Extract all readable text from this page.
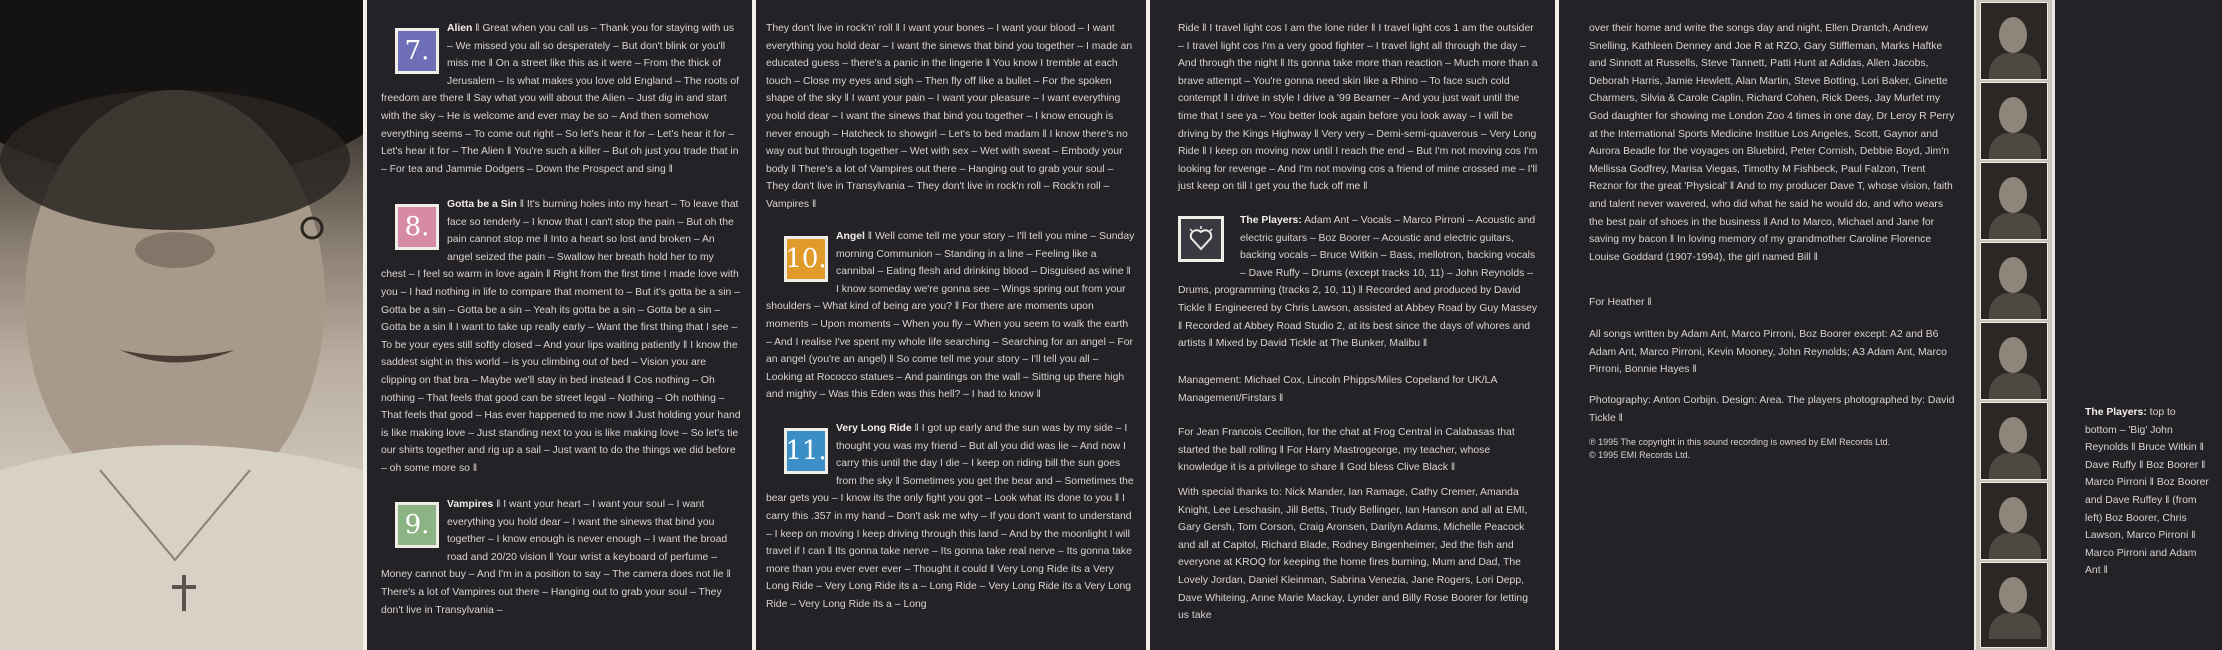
7.
Alien ǁ Great when you call us – Thank you for staying with us – We missed you all so desperately – But don't blink or you'll miss me ǁ On a street like this as it were – From the thick of Jerusalem – Is what makes you love old England – The roots of freedom are there ǁ Say what you will about the Alien – Just dig in and start with the sky – He is welcome and ever may be so – And then somehow everything seems – To come out right – So let's hear it for – Let's hear it for – Let's hear it for – The Alien ǁ You're such a killer – But oh just you trade that in – For tea and Jammie Dodgers – Down the Prospect and sing ǁ
8.
Gotta be a Sin ǁ It's burning holes into my heart – To leave that face so tenderly – I know that I can't stop the pain – But oh the pain cannot stop me ǁ Into a heart so lost and broken – An angel seized the pain – Swallow her breath hold her to my chest – I feel so warm in love again ǁ Right from the first time I made love with you – I had nothing in life to compare that moment to – But it's gotta be a sin – Gotta be a sin – Gotta be a sin – Yeah its gotta be a sin – Gotta be a sin – Gotta be a sin ǁ I want to take up really early – Want the first thing that I see – To be your eyes still softly closed – And your lips waiting patiently ǁ I know the saddest sight in this world – is you climbing out of bed – Vision you are clipping on that bra – Maybe we'll stay in bed instead ǁ Cos nothing – Oh nothing – That feels that good can be street legal – Nothing – Oh nothing – That feels that good – Has ever happened to me now ǁ Just holding your hand is like making love – Just standing next to you is like making love – So let's tie our shirts together and rig up a sail – Just want to do the things we did before – oh some more so ǁ
9.
Vampires ǁ I want your heart – I want your soul – I want everything you hold dear – I want the sinews that bind you together – I know enough is never enough – I want the broad road and 20/20 vision ǁ Your wrist a keyboard of perfume – Money cannot buy – And I'm in a position to say – The camera does not lie ǁ There's a lot of Vampires out there – Hanging out to grab your soul – They don't live in Transylvania –
They don't live in rock'n' roll ǁ I want your bones – I want your blood – I want everything you hold dear – I want the sinews that bind you together – I made an educated guess – there's a panic in the lingerie ǁ You know I tremble at each touch – Close my eyes and sigh – Then fly off like a bullet – For the spoken shape of the sky ǁ I want your pain – I want your pleasure – I want everything you hold dear – I want the sinews that bind you together – I know enough is never enough – Hatcheck to showgirl – Let's to bed madam ǁ I know there's no way out but through together – Wet with sex – Wet with sweat – Embody your body ǁ There's a lot of Vampires out there – Hanging out to grab your soul – They don't live in Transylvania – They don't live in rock'n roll – Rock'n roll – Vampires ǁ
10.
Angel ǁ Well come tell me your story – I'll tell you mine – Sunday morning Communion – Standing in a line – Feeling like a cannibal – Eating flesh and drinking blood – Disguised as wine ǁ I know someday we're gonna see – Wings spring out from your shoulders – What kind of being are you? ǁ For there are moments upon moments – Upon moments – When you fly – When you seem to walk the earth – And I realise I've spent my whole life searching – Searching for an angel – For an angel (you're an angel) ǁ So come tell me your story – I'll tell you all – Looking at Rococco statues – And paintings on the wall – Sitting up there high and mighty – Was this Eden was this hell? – I had to know ǁ
11.
Very Long Ride ǁ I got up early and the sun was by my side – I thought you was my friend – But all you did was lie – And now I carry this until the day I die – I keep on riding bill the sun goes from the sky ǁ Sometimes you get the bear and – Sometimes the bear gets you – I know its the only fight you got – Look what its done to you ǁ I carry this .357 in my hand – Don't ask me why – If you don't want to understand – I keep on moving I keep driving through this land – And by the moonlight I will travel if I can ǁ Its gonna take nerve – Its gonna take real nerve – Its gonna take more than you ever ever ever – Thought it could ǁ Very Long Ride its a Very Long Ride – Very Long Ride its a – Long Ride – Very Long Ride its a Very Long Ride – Very Long Ride its a – Long
Ride ǁ I travel light cos I am the lone rider ǁ I travel light cos 1 am the outsider – I travel light cos I'm a very good fighter – I travel light all through the day – And through the night ǁ Its gonna take more than reaction – Much more than a brave attempt – You're gonna need skin like a Rhino – To face such cold contempt ǁ I drive in style I drive a '99 Bearner – And you just wait until the time that I see ya – You better look again before you look away – I will be driving by the Kings Highway ǁ Very very – Demi-semi-quaverous – Very Long Ride ǁ I keep on moving now until I reach the end – But I'm not moving cos I'm looking for revenge – And I'm not moving cos a friend of mine crossed me – I'll just keep on till I get you the fuck off me ǁ
The Players: Adam Ant – Vocals – Marco Pirroni – Acoustic and electric guitars – Boz Boorer – Acoustic and electric guitars, backing vocals – Bruce Witkin – Bass, mellotron, backing vocals – Dave Ruffy – Drums (except tracks 10, 11) – John Reynolds – Drums, programming (tracks 2, 10, 11) ǁ Recorded and produced by David Tickle ǁ Engineered by Chris Lawson, assisted at Abbey Road by Guy Massey ǁ Recorded at Abbey Road Studio 2, at its best since the days of whores and artists ǁ Mixed by David Tickle at The Bunker, Malibu ǁ
Management: Michael Cox, Lincoln Phipps/Miles Copeland for UK/LA Management/Firstars ǁ
For Jean Francois Cecillon, for the chat at Frog Central in Calabasas that started the ball rolling ǁ For Harry Mastrogeorge, my teacher, whose knowledge it is a privilege to share ǁ God bless Clive Black ǁ
With special thanks to: Nick Mander, Ian Ramage, Cathy Cremer, Amanda Knight, Lee Leschasin, Jill Betts, Trudy Bellinger, Ian Hanson and all at EMI, Gary Gersh, Tom Corson, Craig Aronsen, Darilyn Adams, Michelle Peacock and all at Capitol, Richard Blade, Rodney Bingenheimer, Jed the fish and everyone at KROQ for keeping the home fires burning, Mum and Dad, The Lovely Jordan, Daniel Kleinman, Sabrina Venezia, Jane Rogers, Lori Depp, Dave Whiteing, Anne Marie Mackay, Lynder and Billy Rose Boorer for letting us take
over their home and write the songs day and night, Ellen Drantch, Andrew Snelling, Kathleen Denney and Joe R at RZO, Gary Stiffleman, Marks Haftke and Sinnott at Russells, Steve Tannett, Patti Hunt at Adidas, Allen Jacobs, Deborah Harris, Jamie Hewlett, Alan Martin, Steve Botting, Lori Baker, Ginette Charmers, Silvia & Carole Caplin, Richard Cohen, Rick Dees, Jay Murfet my God daughter for showing me London Zoo 4 times in one day, Dr Leroy R Perry at the International Sports Medicine Institue Los Angeles, Scott, Gaynor and Aurora Beadle for the voyages on Bluebird, Peter Cornish, Debbie Boyd, Jim'n Mellissa Godfrey, Marisa Viegas, Timothy M Fishbeck, Paul Falzon, Trent Reznor for the great 'Physical' ǁ And to my producer Dave T, whose vision, faith and talent never wavered, who did what he said he would do, and who wears the best pair of shoes in the business ǁ And to Marco, Michael and Jane for saving my bacon ǁ In loving memory of my grandmother Caroline Florence Louise Goddard (1907-1994), the girl named Bill ǁ
For Heather ǁ
All songs written by Adam Ant, Marco Pirroni, Boz Boorer except: A2 and B6 Adam Ant, Marco Pirroni, Kevin Mooney, John Reynolds; A3 Adam Ant, Marco Pirroni, Bonnie Hayes ǁ
Photography: Anton Corbijn. Design: Area. The players photographed by: David Tickle ǁ
℗ 1995 The copyright in this sound recording is owned by EMI Records Ltd.
© 1995 EMI Records Ltd.
The Players: top to bottom – 'Big' John Reynolds ǁ Bruce Witkin ǁ Dave Ruffy ǁ Boz Boorer ǁ Marco Pirroni ǁ Boz Boorer and Dave Ruffey ǁ (from left) Boz Boorer, Chris Lawson, Marco Pirroni ǁ Marco Pirroni and Adam Ant ǁ
